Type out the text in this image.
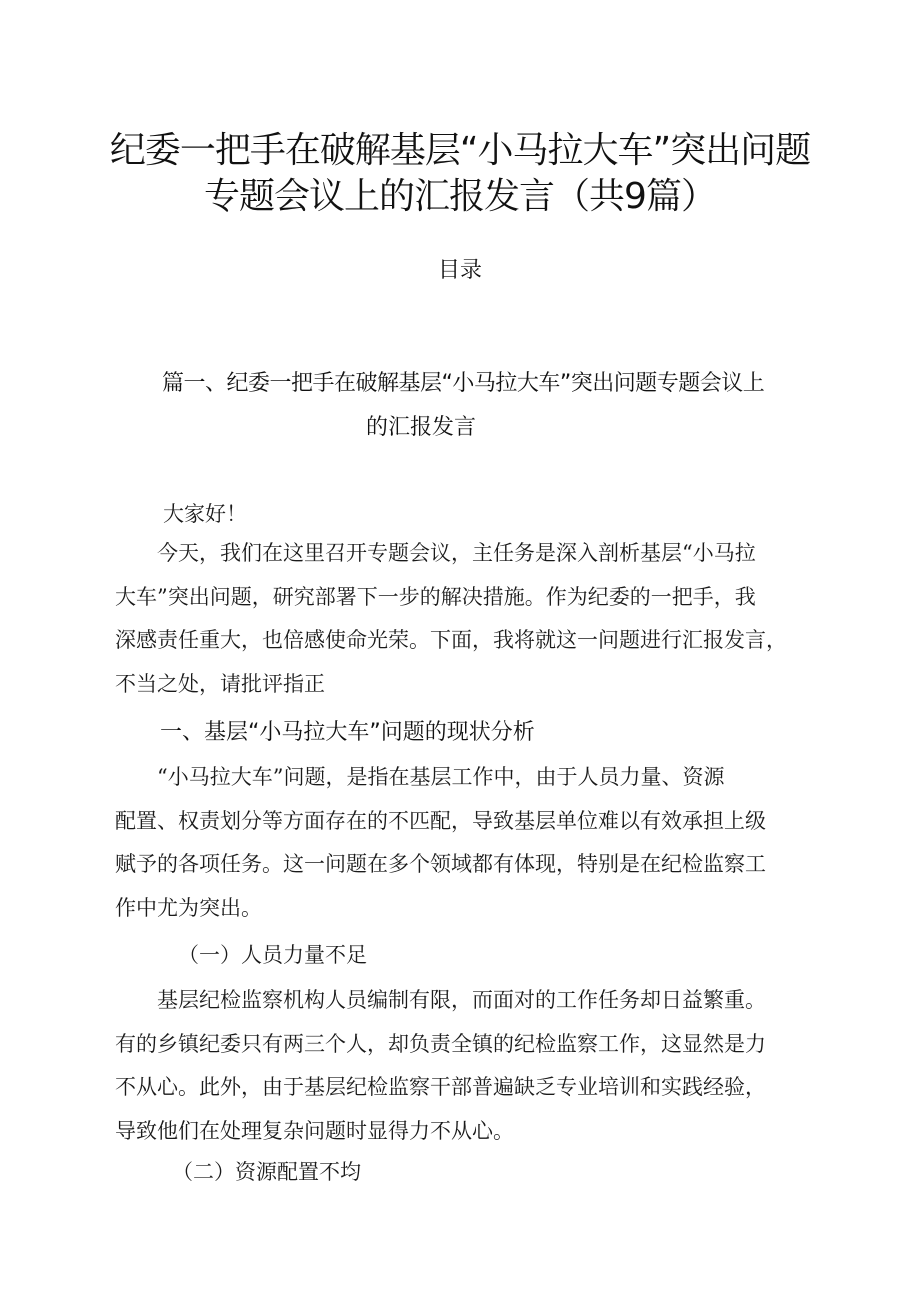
纪委一把手在破解基层“小马拉大车”突出问题
专题会议上的汇报发言（共9篇）
目录
篇一、纪委一把手在破解基层“小马拉大车”突出问题专题会议上
的汇报发言
大家好！
　　今天，我们在这里召开专题会议，主任务是深入剖析基层“小马拉
大车”突出问题，研究部署下一步的解决措施。作为纪委的一把手，我
深感责任重大，也倍感使命光荣。下面，我将就这一问题进行汇报发言，
不当之处，请批评指正
一、基层“小马拉大车”问题的现状分析
　　“小马拉大车”问题，是指在基层工作中，由于人员力量、资源
配置、权责划分等方面存在的不匹配，导致基层单位难以有效承担上级
赋予的各项任务。这一问题在多个领域都有体现，特别是在纪检监察工
作中尤为突出。
（一）人员力量不足
　　基层纪检监察机构人员编制有限，而面对的工作任务却日益繁重。
有的乡镇纪委只有两三个人，却负责全镇的纪检监察工作，这显然是力
不从心。此外，由于基层纪检监察干部普遍缺乏专业培训和实践经验，
导致他们在处理复杂问题时显得力不从心。
（二）资源配置不均
